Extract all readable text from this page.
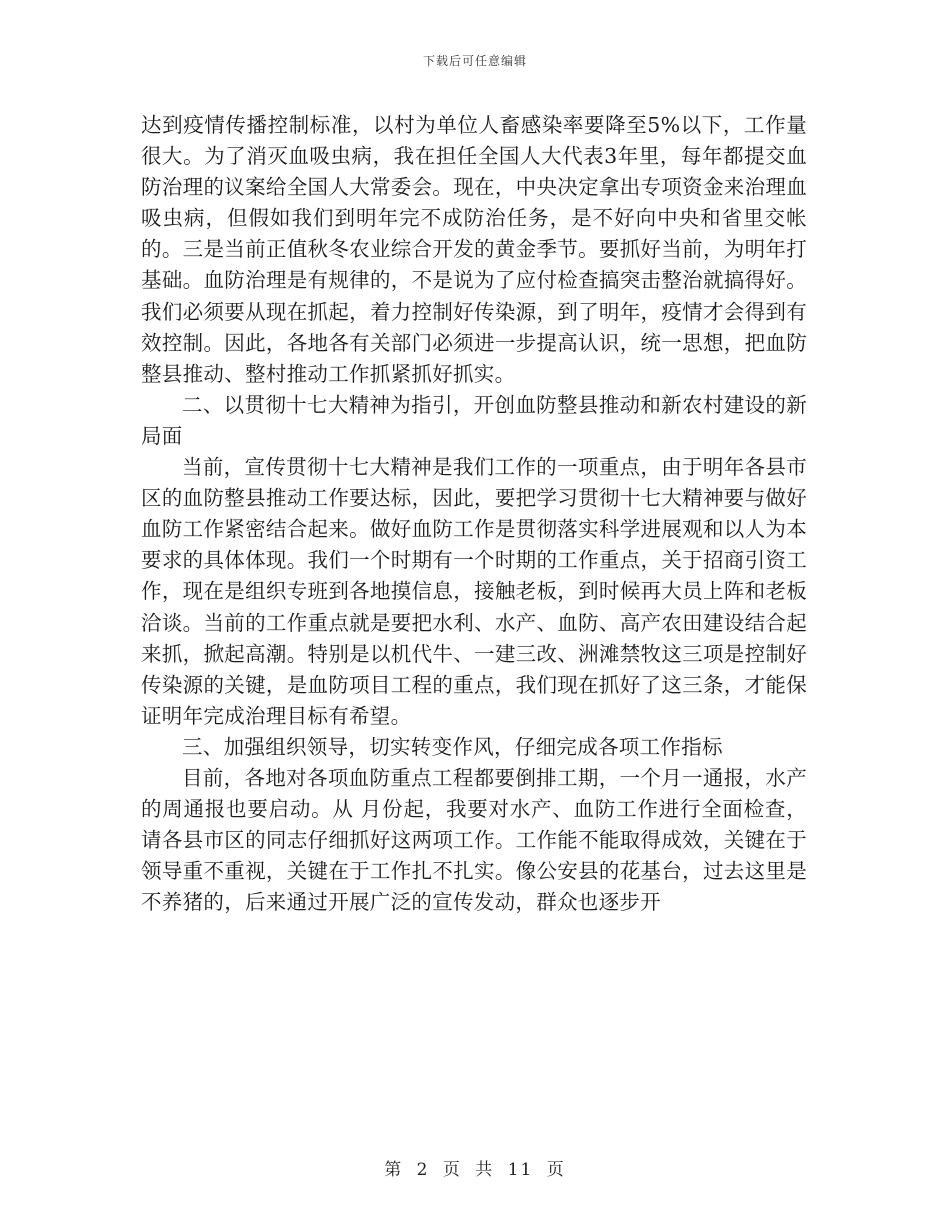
下载后可任意编辑

达到疫情传播控制标准，以村为单位人畜感染率要降至5%以下，工作量很大。为了消灭血吸虫病，我在担任全国人大代表3年里，每年都提交血防治理的议案给全国人大常委会。现在，中央决定拿出专项资金来治理血吸虫病，但假如我们到明年完不成防治任务，是不好向中央和省里交帐的。三是当前正值秋冬农业综合开发的黄金季节。要抓好当前，为明年打基础。血防治理是有规律的，不是说为了应付检查搞突击整治就搞得好。我们必须要从现在抓起，着力控制好传染源，到了明年，疫情才会得到有效控制。因此，各地各有关部门必须进一步提高认识，统一思想，把血防整县推动、整村推动工作抓紧抓好抓实。

二、以贯彻十七大精神为指引，开创血防整县推动和新农村建设的新局面

当前，宣传贯彻十七大精神是我们工作的一项重点，由于明年各县市区的血防整县推动工作要达标，因此，要把学习贯彻十七大精神要与做好血防工作紧密结合起来。做好血防工作是贯彻落实科学进展观和以人为本要求的具体体现。我们一个时期有一个时期的工作重点，关于招商引资工作，现在是组织专班到各地摸信息，接触老板，到时候再大员上阵和老板洽谈。当前的工作重点就是要把水利、水产、血防、高产农田建设结合起来抓，掀起高潮。特别是以机代牛、一建三改、洲滩禁牧这三项是控制好传染源的关键，是血防项目工程的重点，我们现在抓好了这三条，才能保证明年完成治理目标有希望。

三、加强组织领导，切实转变作风，仔细完成各项工作指标

目前，各地对各项血防重点工程都要倒排工期，一个月一通报，水产的周通报也要启动。从 月份起，我要对水产、血防工作进行全面检查，请各县市区的同志仔细抓好这两项工作。工作能不能取得成效，关键在于领导重不重视，关键在于工作扎不扎实。像公安县的花基台，过去这里是不养猪的，后来通过开展广泛的宣传发动，群众也逐步开

第 2 页 共 11 页
